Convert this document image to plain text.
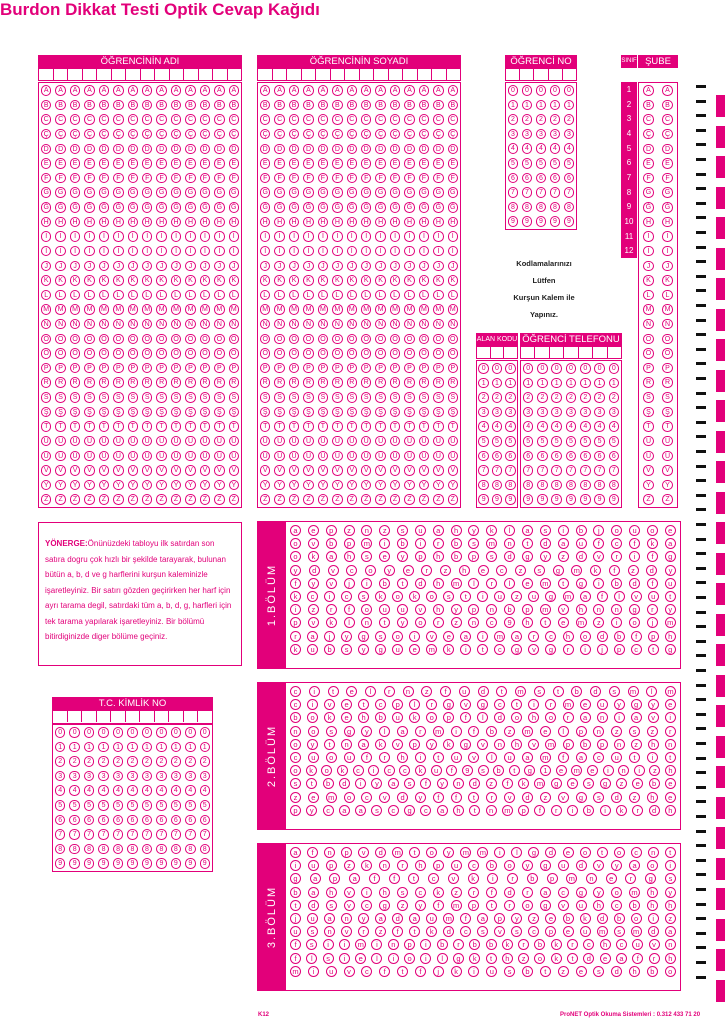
Burdon Dikkat Testi Optik Cevap Kağıdı
ÖĞRENCİNİN ADI
A	A	A	A	A	A	A	A	A	A	A	A	A	A
B	B	B	B	B	B	B	B	B	B	B	B	B	B
C	C	C	C	C	C	C	C	C	C	C	C	C	C
Ç	Ç	Ç	Ç	Ç	Ç	Ç	Ç	Ç	Ç	Ç	Ç	Ç	Ç
D	D	D	D	D	D	D	D	D	D	D	D	D	D
E	E	E	E	E	E	E	E	E	E	E	E	E	E
F	F	F	F	F	F	F	F	F	F	F	F	F	F
G	G	G	G	G	G	G	G	G	G	G	G	G	G
Ğ	Ğ	Ğ	Ğ	Ğ	Ğ	Ğ	Ğ	Ğ	Ğ	Ğ	Ğ	Ğ	Ğ
H	H	H	H	H	H	H	H	H	H	H	H	H	H
I	I	I	I	I	I	I	I	I	I	I	I	I	I
İ	İ	İ	İ	İ	İ	İ	İ	İ	İ	İ	İ	İ	İ
J	J	J	J	J	J	J	J	J	J	J	J	J	J
K	K	K	K	K	K	K	K	K	K	K	K	K	K
L	L	L	L	L	L	L	L	L	L	L	L	L	L
M	M	M	M	M	M	M	M	M	M	M	M	M	M
N	N	N	N	N	N	N	N	N	N	N	N	N	N
O	O	O	O	O	O	O	O	O	O	O	O	O	O
Ö	Ö	Ö	Ö	Ö	Ö	Ö	Ö	Ö	Ö	Ö	Ö	Ö	Ö
P	P	P	P	P	P	P	P	P	P	P	P	P	P
R	R	R	R	R	R	R	R	R	R	R	R	R	R
S	S	S	S	S	S	S	S	S	S	S	S	S	S
Ş	Ş	Ş	Ş	Ş	Ş	Ş	Ş	Ş	Ş	Ş	Ş	Ş	Ş
T	T	T	T	T	T	T	T	T	T	T	T	T	T
U	U	U	U	U	U	U	U	U	U	U	U	U	U
Ü	Ü	Ü	Ü	Ü	Ü	Ü	Ü	Ü	Ü	Ü	Ü	Ü	Ü
V	V	V	V	V	V	V	V	V	V	V	V	V	V
Y	Y	Y	Y	Y	Y	Y	Y	Y	Y	Y	Y	Y	Y
Z	Z	Z	Z	Z	Z	Z	Z	Z	Z	Z	Z	Z	Z
ÖĞRENCİNİN SOYADI
A	A	A	A	A	A	A	A	A	A	A	A	A	A
B	B	B	B	B	B	B	B	B	B	B	B	B	B
C	C	C	C	C	C	C	C	C	C	C	C	C	C
Ç	Ç	Ç	Ç	Ç	Ç	Ç	Ç	Ç	Ç	Ç	Ç	Ç	Ç
D	D	D	D	D	D	D	D	D	D	D	D	D	D
E	E	E	E	E	E	E	E	E	E	E	E	E	E
F	F	F	F	F	F	F	F	F	F	F	F	F	F
G	G	G	G	G	G	G	G	G	G	G	G	G	G
Ğ	Ğ	Ğ	Ğ	Ğ	Ğ	Ğ	Ğ	Ğ	Ğ	Ğ	Ğ	Ğ	Ğ
H	H	H	H	H	H	H	H	H	H	H	H	H	H
I	I	I	I	I	I	I	I	I	I	I	I	I	I
İ	İ	İ	İ	İ	İ	İ	İ	İ	İ	İ	İ	İ	İ
J	J	J	J	J	J	J	J	J	J	J	J	J	J
K	K	K	K	K	K	K	K	K	K	K	K	K	K
L	L	L	L	L	L	L	L	L	L	L	L	L	L
M	M	M	M	M	M	M	M	M	M	M	M	M	M
N	N	N	N	N	N	N	N	N	N	N	N	N	N
O	O	O	O	O	O	O	O	O	O	O	O	O	O
Ö	Ö	Ö	Ö	Ö	Ö	Ö	Ö	Ö	Ö	Ö	Ö	Ö	Ö
P	P	P	P	P	P	P	P	P	P	P	P	P	P
R	R	R	R	R	R	R	R	R	R	R	R	R	R
S	S	S	S	S	S	S	S	S	S	S	S	S	S
Ş	Ş	Ş	Ş	Ş	Ş	Ş	Ş	Ş	Ş	Ş	Ş	Ş	Ş
T	T	T	T	T	T	T	T	T	T	T	T	T	T
U	U	U	U	U	U	U	U	U	U	U	U	U	U
Ü	Ü	Ü	Ü	Ü	Ü	Ü	Ü	Ü	Ü	Ü	Ü	Ü	Ü
V	V	V	V	V	V	V	V	V	V	V	V	V	V
Y	Y	Y	Y	Y	Y	Y	Y	Y	Y	Y	Y	Y	Y
Z	Z	Z	Z	Z	Z	Z	Z	Z	Z	Z	Z	Z	Z
ÖĞRENCİ NO
0	0	0	0	0
1	1	1	1	1
2	2	2	2	2
3	3	3	3	3
4	4	4	4	4
5	5	5	5	5
6	6	6	6	6
7	7	7	7	7
8	8	8	8	8
9	9	9	9	9
SINIF ŞUBE
1
2
3
4
5
6
7
8
9
10
11
12
A	A
B	B
C	C
Ç	Ç
D	D
E	E
F	F
G	G
Ğ	Ğ
H	H
I	I
İ	İ
J	J
K	K
L	L
M	M
N	N
O	O
Ö	Ö
P	P
R	R
S	S
Ş	Ş
T	T
U	U
Ü	Ü
V	V
Y	Y
Z	Z
Kodlamalarınızı
Lütfen
Kurşun Kalem ile
Yapınız.
ALAN KODU ÖĞRENCİ TELEFONU
0	0	0
1	1	1
2	2	2
3	3	3
4	4	4
5	5	5
6	6	6
7	7	7
8	8	8
9	9	9
0	0	0	0	0	0	0
1	1	1	1	1	1	1
2	2	2	2	2	2	2
3	3	3	3	3	3	3
4	4	4	4	4	4	4
5	5	5	5	5	5	5
6	6	6	6	6	6	6
7	7	7	7	7	7	7
8	8	8	8	8	8	8
9	9	9	9	9	9	9
YÖNERGE:Önünüzdeki tabloyu ilk satırdan son satıra dogru çok hızlı bir şekilde tarayarak, bulunan bütün a, b, d ve g harflerini kurşun kaleminizle işaretleyiniz. Bir satırı gözden geçirirken her harf için ayrı tarama degil, satırdaki tüm a, b, d, g, harfleri için tek tarama yapılarak işaretleyiniz. Bir bölümü bitirdiginizde diger bölüme geçiniz.
T.C. KİMLİK NO
0	0	0	0	0	0	0	0	0	0	0
1	1	1	1	1	1	1	1	1	1	1
2	2	2	2	2	2	2	2	2	2	2
3	3	3	3	3	3	3	3	3	3	3
4	4	4	4	4	4	4	4	4	4	4
5	5	5	5	5	5	5	5	5	5	5
6	6	6	6	6	6	6	6	6	6	6
7	7	7	7	7	7	7	7	7	7	7
8	8	8	8	8	8	8	8	8	8	8
9	9	9	9	9	9	9	9	9	9	9
1.BÖLÜM
a	e	p	z	n	z	s	u	a	h	y	k	l	a	s	i	b	j	o	u	o	e
o	v	b	p	m	i	b	i	r	b	s	m	n	t	d	a	u	f	c	f	k	a
o	k	a	h	s	e	y	p	h	b	p	s	d	g	y	z	d	v	r	i	f	g
y	d	v	c	o	y	e	r	z	h	e	c	z	s	g	m	k	f	z	d	y
f	y	v	j	i	b	t	d	h	m	l	r	l	e	m	t	g	i	b	d	f	u
k	c	i	c	s	k	o	k	o	s	t	i	u	z	u	g	m	a	f	l	v	u	t
i	z	r	f	o	u	u	v	h	y	p	n	b	p	m	v	h	n	n	g	r	y
p	v	k	l	n	t	y	o	r	z	n	c	9	h	t	e	m	z	i	o	j	m
r	a	j	y	g	s	o	i	v	e	a	i	m	a	r	c	h	o	d	b	f	p	h
k	u	b	s	y	g	u	e	m	k	i	t	c	g	v	g	r	i	j	p	c	t	g
2.BÖLÜM
c	i	t	e	l	r	n	z	f	u	d	t	m	s	t	b	d	s	m	l	m
c	i	v	e	t	c	p	l	r	g	v	g	c	t	i	r	m	e	u	y	g	y	e
b	o	k	e	h	b	u	k	o	p	f	l	d	o	h	o	r	a	n	i	a	v	i
n	o	s	g	y	l	a	r	m	i	f	b	z	m	e	l	p	n	z	s	z	r
o	y	t	n	a	k	v	p	y	k	g	v	n	h	v	m	p	b	p	n	z	h	n
c	u	o	u	f	r	h	i	t	u	v	l	u	a	m	f	a	c	u	t	i	t
o	k	o	k	c	i	c	c	k	u	f	9	s	b	t	g	1	e	m	e	i	n	i	z	h
s	t	b	d	i	y	a	s	f	y	n	d	z	f	k	m	g	e	s	g	z	e	b	e
z	e	m	o	c	v	d	y	f	f	t	r	v	d	z	v	g	s	d	z	h	e
p	y	c	a	a	s	c	g	c	a	h	t	n	m	p	f	r	i	b	i	k	r	d	h
3.BÖLÜM
a	f	n	p	v	d	m	t	o	y	m	m	i	l	g	d	e	o	t	o	c	n	t
i	u	p	z	k	n	r	h	p	u	c	b	o	y	g	u	d	v	y	a	o	i
g	a	p	a	f	f	t	c	v	k	i	r	b	p	m	n	e	r	g	s
b	a	h	v	i	h	s	c	k	z	r	f	d	r	a	c	g	y	o	m	h	y
t	d	s	v	c	g	z	y	f	m	p	t	r	o	g	v	u	h	c	b	h	h
j	u	a	n	y	a	d	a	u	m	f	a	p	y	z	e	b	k	d	b	o	i	z
u	s	n	v	r	z	f	t	k	d	c	s	v	s	c	p	e	u	m	s	m	d	a
f	s	i	i	m	i	n	p	i	b	r	b	b	k	r	b	k	r	c	h	c	u	v	n
f	l	s	i	e	l	i	o	i	l	g	k	t	h	z	o	k	t	d	e	a	f	r	h
m	i	u	v	c	f	t	f	j	k	i	u	s	b	t	z	e	s	d	h	b	o
K12	ProNET Optik Okuma Sistemleri : 0.312 433 71 20
